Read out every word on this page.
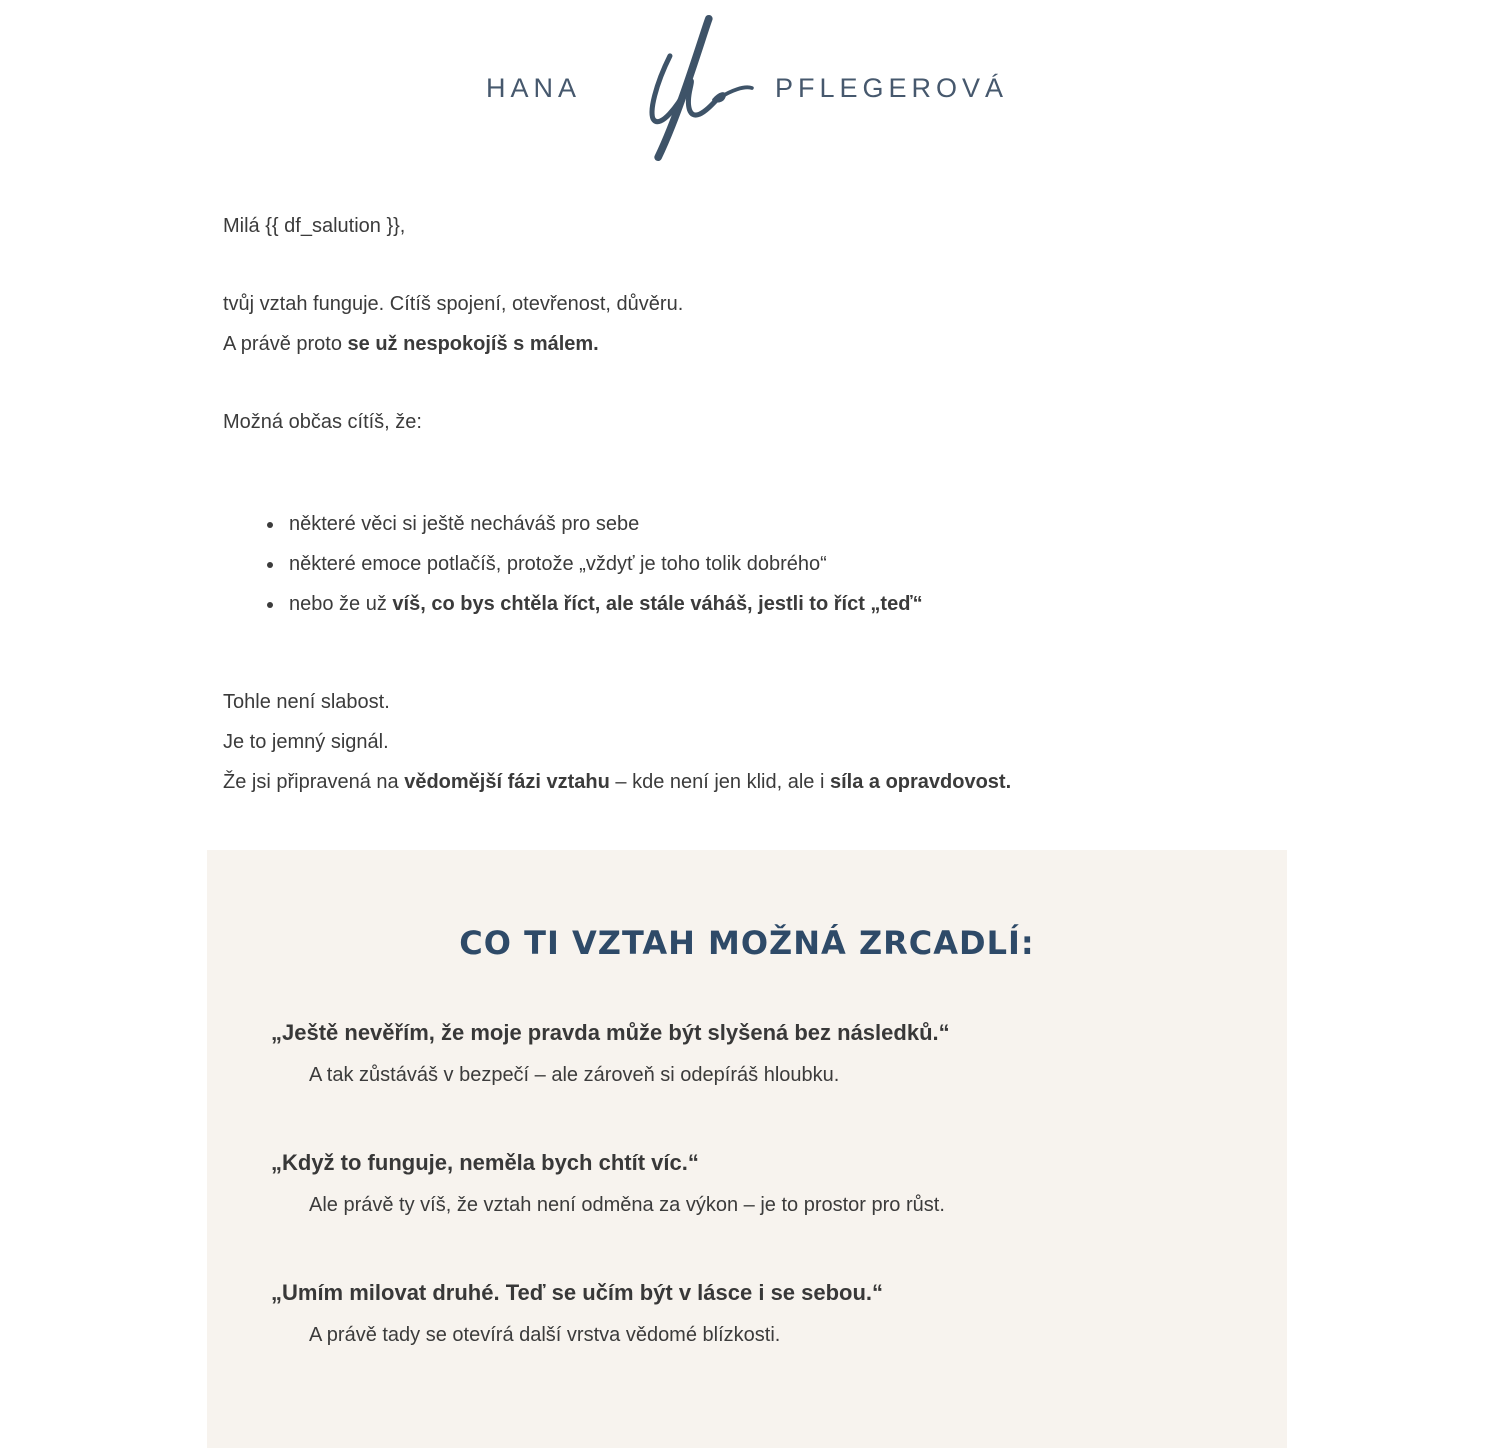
HANA	PFLEGEROVÁ

Milá {{ df_salution }},

tvůj vztah funguje. Cítíš spojení, otevřenost, důvěru.
A právě proto se už nespokojíš s málem.

Možná občas cítíš, že:

• některé věci si ještě necháváš pro sebe
• některé emoce potlačíš, protože „vždyť je toho tolik dobrého“
• nebo že už víš, co bys chtěla říct, ale stále váháš, jestli to říct „teď“

Tohle není slabost.
Je to jemný signál.
Že jsi připravená na vědomější fázi vztahu – kde není jen klid, ale i síla a opravdovost.

CO TI VZTAH MOŽNÁ ZRCADLÍ:

„Ještě nevěřím, že moje pravda může být slyšená bez následků.“

A tak zůstáváš v bezpečí – ale zároveň si odepíráš hloubku.

„Když to funguje, neměla bych chtít víc.“

Ale právě ty víš, že vztah není odměna za výkon – je to prostor pro růst.

„Umím milovat druhé. Teď se učím být v lásce i se sebou.“

A právě tady se otevírá další vrstva vědomé blízkosti.
